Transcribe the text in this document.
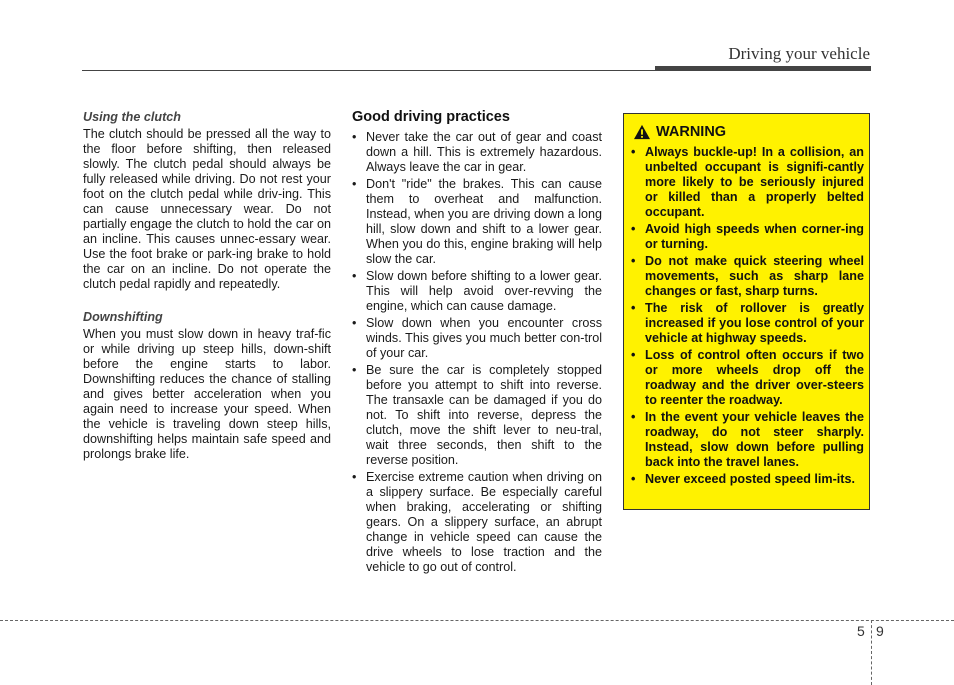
Driving your vehicle

Using the clutch

The clutch should be pressed all the way to the floor before shifting, then released slowly. The clutch pedal should always be fully released while driving. Do not rest your foot on the clutch pedal while driv-ing. This can cause unnecessary wear. Do not partially engage the clutch to hold the car on an incline. This causes unnec-essary wear. Use the foot brake or park-ing brake to hold the car on an incline. Do not operate the clutch pedal rapidly and repeatedly.

Downshifting

When you must slow down in heavy traf-fic or while driving up steep hills, down-shift before the engine starts to labor. Downshifting reduces the chance of stalling and gives better acceleration when you again need to increase your speed. When the vehicle is traveling down steep hills, downshifting helps maintain safe speed and prolongs brake life.

Good driving practices

• Never take the car out of gear and coast down a hill. This is extremely hazardous. Always leave the car in gear.
• Don't "ride" the brakes. This can cause them to overheat and malfunction. Instead, when you are driving down a long hill, slow down and shift to a lower gear. When you do this, engine braking will help slow the car.
• Slow down before shifting to a lower gear. This will help avoid over-revving the engine, which can cause damage.
• Slow down when you encounter cross winds. This gives you much better con-trol of your car.
• Be sure the car is completely stopped before you attempt to shift into reverse. The transaxle can be damaged if you do not. To shift into reverse, depress the clutch, move the shift lever to neu-tral, wait three seconds, then shift to the reverse position.
• Exercise extreme caution when driving on a slippery surface. Be especially careful when braking, accelerating or shifting gears. On a slippery surface, an abrupt change in vehicle speed can cause the drive wheels to lose traction and the vehicle to go out of control.
WARNING
• Always buckle-up! In a collision, an unbelted occupant is signifi-cantly more likely to be seriously injured or killed than a properly belted occupant.
• Avoid high speeds when corner-ing or turning.
• Do not make quick steering wheel movements, such as sharp lane changes or fast, sharp turns.
• The risk of rollover is greatly increased if you lose control of your vehicle at highway speeds.
• Loss of control often occurs if two or more wheels drop off the roadway and the driver over-steers to reenter the roadway.
• In the event your vehicle leaves the roadway, do not steer sharply. Instead, slow down before pulling back into the travel lanes.
• Never exceed posted speed lim-its.
5 9
